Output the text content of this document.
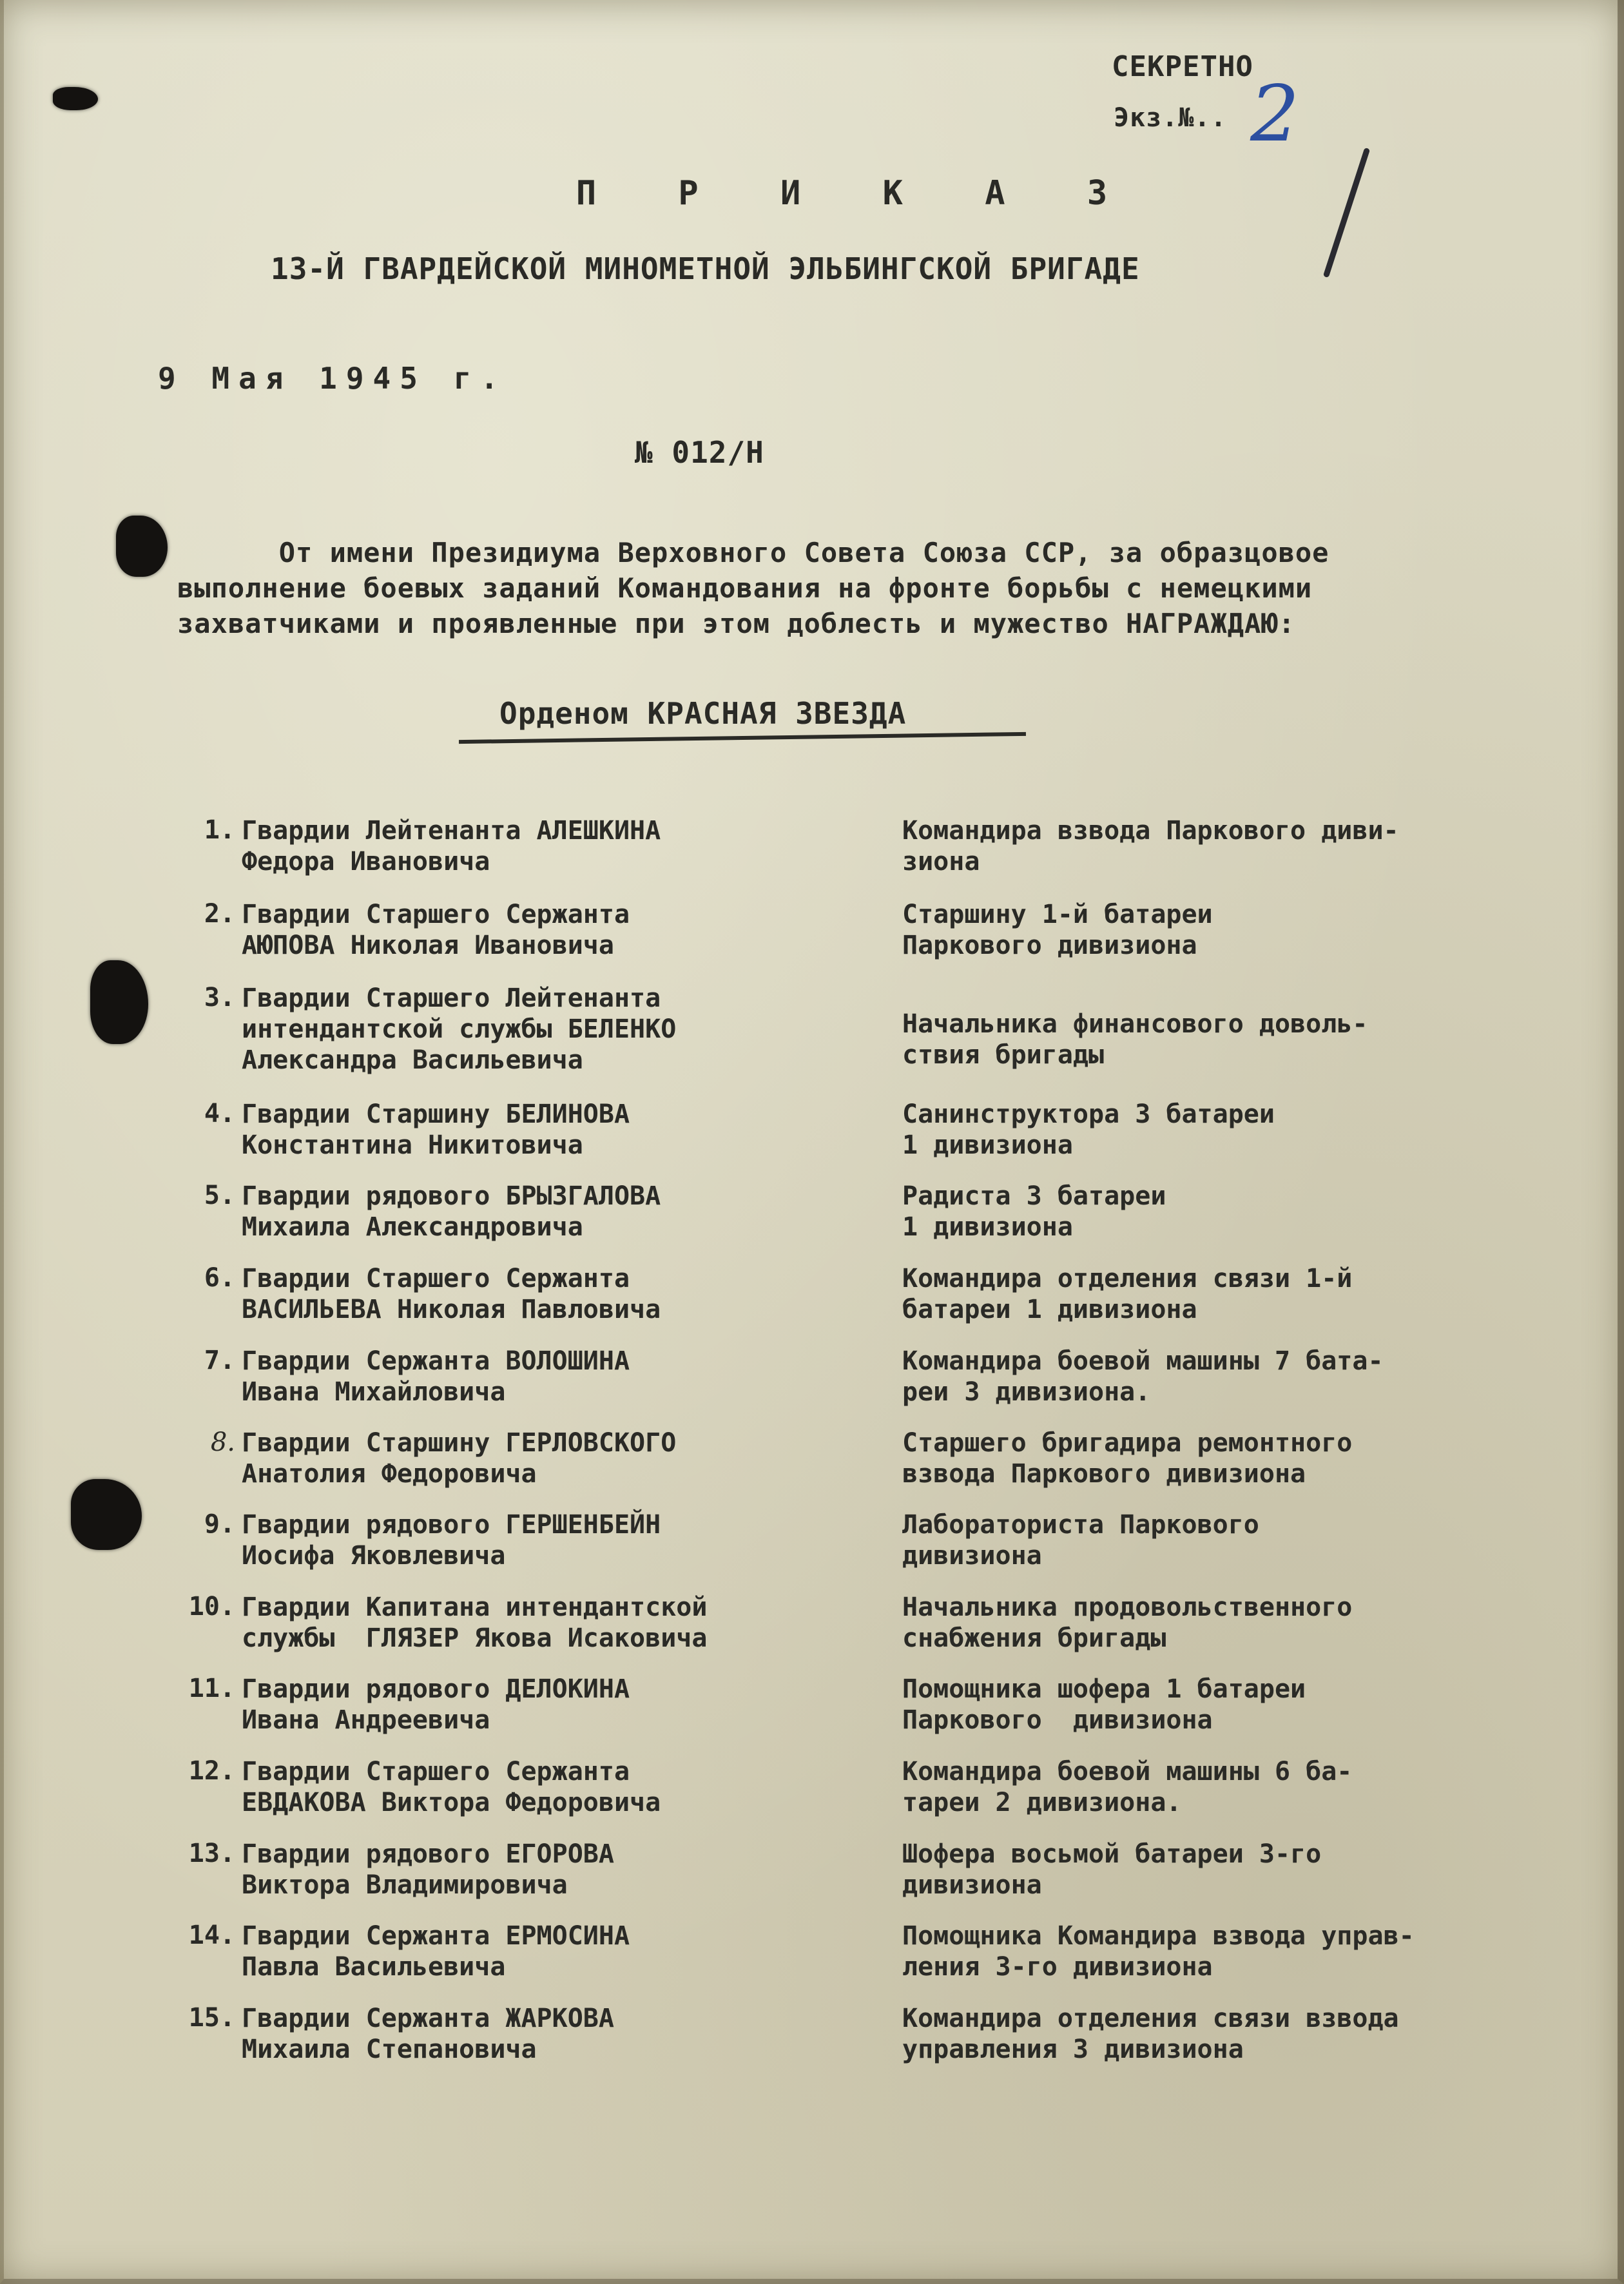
СЕКРЕТНО
Экз.№.. 2
П Р И К А З
13-Й ГВАРДЕЙСКОЙ МИНОМЕТНОЙ ЭЛЬБИНГСКОЙ БРИГАДЕ
9 Мая 1945 г.
№ 012/Н
От имени Президиума Верховного Совета Союза ССР, за образцовое
выполнение боевых заданий Командования на фронте борьбы с немецкими
захватчиками и проявленные при этом доблесть и мужество НАГРАЖДАЮ:
Орденом КРАСНАЯ ЗВЕЗДА
1. Гвардии Лейтенанта АЛЕШКИНА
Федора Ивановича
Командира взвода Паркового диви-
зиона
2. Гвардии Старшего Сержанта
АЮПОВА Николая Ивановича
Старшину 1-й батареи
Паркового дивизиона
3. Гвардии Старшего Лейтенанта
интендантской службы БЕЛЕНКО
Александра Васильевича
Начальника финансового доволь-
ствия бригады
4. Гвардии Старшину БЕЛИНОВА
Константина Никитовича
Санинструктора 3 батареи
1 дивизиона
5. Гвардии рядового БРЫЗГАЛОВА
Михаила Александровича
Радиста 3 батареи
1 дивизиона
6. Гвардии Старшего Сержанта
ВАСИЛЬЕВА Николая Павловича
Командира отделения связи 1-й
батареи 1 дивизиона
7. Гвардии Сержанта ВОЛОШИНА
Ивана Михайловича
Командира боевой машины 7 бата-
реи 3 дивизиона.
8. Гвардии Старшину ГЕРЛОВСКОГО
Анатолия Федоровича
Старшего бригадира ремонтного
взвода Паркового дивизиона
9. Гвардии рядового ГЕРШЕНБЕЙН
Иосифа Яковлевича
Лаборатористa Паркового
дивизиона
10. Гвардии Капитана интендантской
службы  ГЛЯЗЕР Якова Исаковича
Начальника продовольственного
снабжения бригады
11. Гвардии рядового ДЕЛОКИНА
Ивана Андреевича
Помощника шофера 1 батареи
Паркового  дивизиона
12. Гвардии Старшего Сержанта
ЕВДАКОВА Виктора Федоровича
Командира боевой машины 6 ба-
тареи 2 дивизиона.
13. Гвардии рядового ЕГОРОВА
Виктора Владимировича
Шофера восьмой батареи 3-го
дивизиона
14. Гвардии Сержанта ЕРМОСИНА
Павла Васильевича
Помощника Командира взвода управ-
ления 3-го дивизиона
15. Гвардии Сержанта ЖАРКОВА
Михаила Степановича
Командира отделения связи взвода
управления 3 дивизиона
